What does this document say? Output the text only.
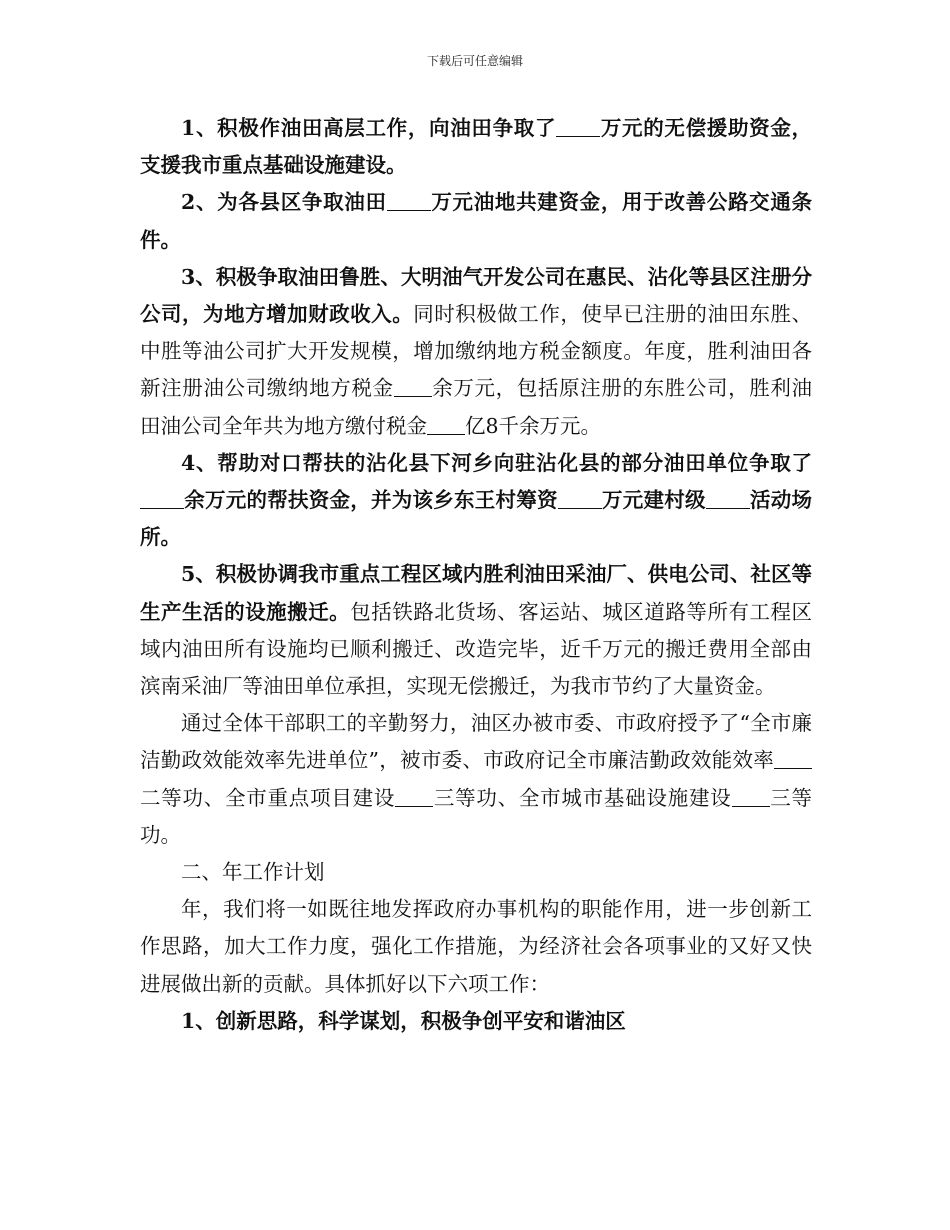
下载后可任意编辑

1、积极作油田高层工作，向油田争取了 万元的无偿援助资金，支援我市重点基础设施建设。

2、为各县区争取油田 万元油地共建资金，用于改善公路交通条件。

3、积极争取油田鲁胜、大明油气开发公司在惠民、沾化等县区注册分公司，为地方增加财政收入。同时积极做工作，使早已注册的油田东胜、中胜等油公司扩大开发规模，增加缴纳地方税金额度。年度，胜利油田各新注册油公司缴纳地方税金 余万元，包括原注册的东胜公司，胜利油田油公司全年共为地方缴付税金 亿8千余万元。

4、帮助对口帮扶的沾化县下河乡向驻沾化县的部分油田单位争取了余万元的帮扶资金，并为该乡东王村筹资 万元建村级 活动场所。

5、积极协调我市重点工程区域内胜利油田采油厂、供电公司、社区等生产生活的设施搬迁。包括铁路北货场、客运站、城区道路等所有工程区域内油田所有设施均已顺利搬迁、改造完毕，近千万元的搬迁费用全部由滨南采油厂等油田单位承担，实现无偿搬迁，为我市节约了大量资金。

通过全体干部职工的辛勤努力，油区办被市委、市政府授予了“全市廉洁勤政效能效率先进单位”，被市委、市政府记全市廉洁勤政效能效率二等功、全市重点项目建设 三等功、全市城市基础设施建设 三等功。

二、年工作计划

年，我们将一如既往地发挥政府办事机构的职能作用，进一步创新工作思路，加大工作力度，强化工作措施，为经济社会各项事业的又好又快进展做出新的贡献。具体抓好以下六项工作：

1、创新思路，科学谋划，积极争创平安和谐油区
